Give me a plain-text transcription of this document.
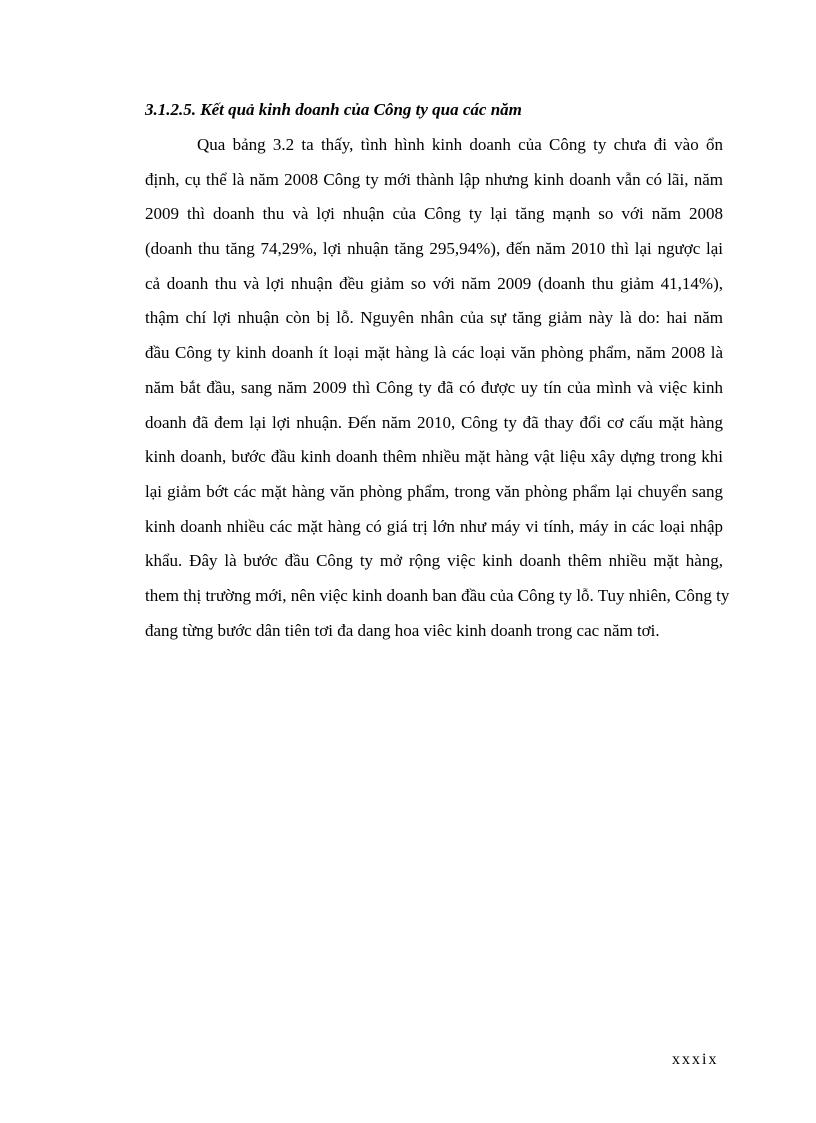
3.1.2.5. Kết quả kinh doanh của Công ty qua các năm
Qua bảng 3.2 ta thấy, tình hình kinh doanh của Công ty chưa đi vào ổn
định, cụ thể là năm 2008 Công ty mới thành lập nhưng kinh doanh vẫn có lãi, năm
2009 thì doanh thu và lợi nhuận của Công ty lại tăng mạnh so với năm 2008
(doanh thu tăng 74,29%, lợi nhuận tăng 295,94%), đến năm 2010 thì lại ngược lại
cả doanh thu và lợi nhuận đều giảm so với năm 2009 (doanh thu giảm 41,14%),
thậm chí lợi nhuận còn bị lỗ. Nguyên nhân của sự tăng giảm này là do: hai năm
đầu Công ty kinh doanh ít loại mặt hàng là các loại văn phòng phẩm, năm 2008 là
năm bắt đầu, sang năm 2009 thì Công ty đã có được uy tín của mình và việc kinh
doanh đã đem lại lợi nhuận. Đến năm 2010, Công ty đã thay đổi cơ cấu mặt hàng
kinh doanh, bước đầu kinh doanh thêm nhiều mặt hàng vật liệu xây dựng trong khi
lại giảm bớt các mặt hàng văn phòng phẩm, trong văn phòng phẩm lại chuyển sang
kinh doanh nhiều các mặt hàng có giá trị lớn như máy vi tính, máy in các loại nhập
khẩu. Đây là bước đầu Công ty mở rộng việc kinh doanh thêm nhiều mặt hàng,
them thị trường mới, nên việc kinh doanh ban đầu của Công ty lỗ. Tuy nhiên, Công ty
đang từng bước dân tiên tơi đa dang hoa viêc kinh doanh trong cac năm tơi.
xxxix
